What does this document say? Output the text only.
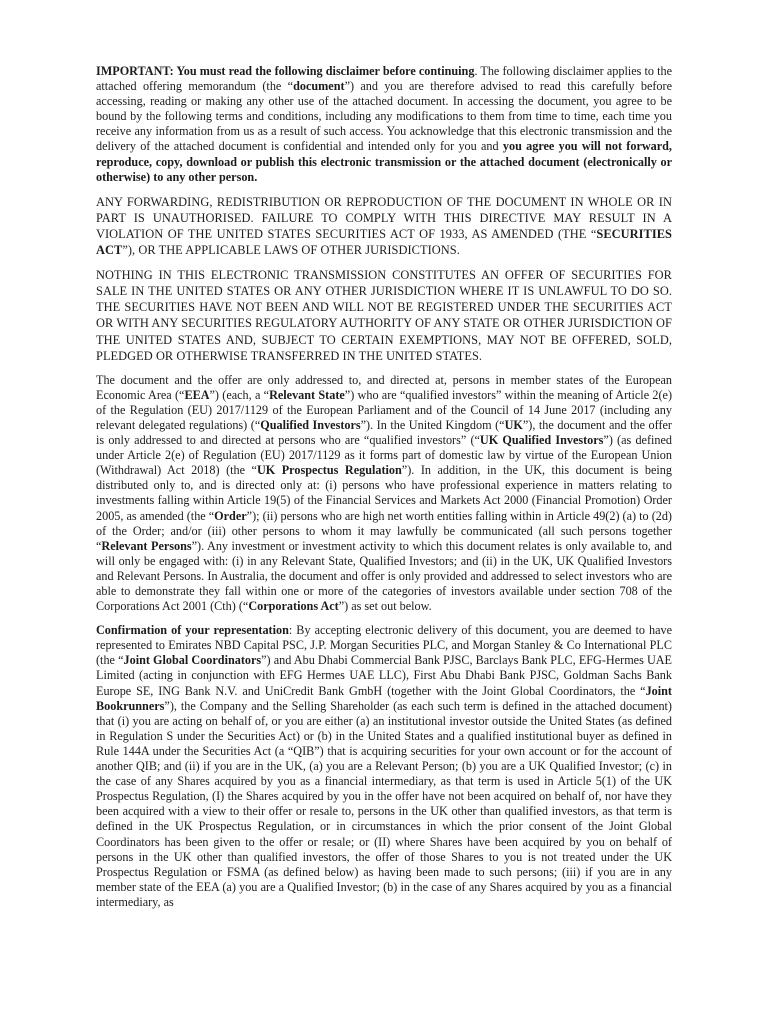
IMPORTANT: You must read the following disclaimer before continuing. The following disclaimer applies to the attached offering memorandum (the “document”) and you are therefore advised to read this carefully before accessing, reading or making any other use of the attached document. In accessing the document, you agree to be bound by the following terms and conditions, including any modifications to them from time to time, each time you receive any information from us as a result of such access. You acknowledge that this electronic transmission and the delivery of the attached document is confidential and intended only for you and you agree you will not forward, reproduce, copy, download or publish this electronic transmission or the attached document (electronically or otherwise) to any other person.

ANY FORWARDING, REDISTRIBUTION OR REPRODUCTION OF THE DOCUMENT IN WHOLE OR IN PART IS UNAUTHORISED. FAILURE TO COMPLY WITH THIS DIRECTIVE MAY RESULT IN A VIOLATION OF THE UNITED STATES SECURITIES ACT OF 1933, AS AMENDED (THE “SECURITIES ACT”), OR THE APPLICABLE LAWS OF OTHER JURISDICTIONS.

NOTHING IN THIS ELECTRONIC TRANSMISSION CONSTITUTES AN OFFER OF SECURITIES FOR SALE IN THE UNITED STATES OR ANY OTHER JURISDICTION WHERE IT IS UNLAWFUL TO DO SO. THE SECURITIES HAVE NOT BEEN AND WILL NOT BE REGISTERED UNDER THE SECURITIES ACT OR WITH ANY SECURITIES REGULATORY AUTHORITY OF ANY STATE OR OTHER JURISDICTION OF THE UNITED STATES AND, SUBJECT TO CERTAIN EXEMPTIONS, MAY NOT BE OFFERED, SOLD, PLEDGED OR OTHERWISE TRANSFERRED IN THE UNITED STATES.

The document and the offer are only addressed to, and directed at, persons in member states of the European Economic Area (“EEA”) (each, a “Relevant State”) who are “qualified investors” within the meaning of Article 2(e) of the Regulation (EU) 2017/1129 of the European Parliament and of the Council of 14 June 2017 (including any relevant delegated regulations) (“Qualified Investors”). In the United Kingdom (“UK”), the document and the offer is only addressed to and directed at persons who are “qualified investors” (“UK Qualified Investors”) (as defined under Article 2(e) of Regulation (EU) 2017/1129 as it forms part of domestic law by virtue of the European Union (Withdrawal) Act 2018) (the “UK Prospectus Regulation”). In addition, in the UK, this document is being distributed only to, and is directed only at: (i) persons who have professional experience in matters relating to investments falling within Article 19(5) of the Financial Services and Markets Act 2000 (Financial Promotion) Order 2005, as amended (the “Order”); (ii) persons who are high net worth entities falling within in Article 49(2) (a) to (2d) of the Order; and/or (iii) other persons to whom it may lawfully be communicated (all such persons together “Relevant Persons”). Any investment or investment activity to which this document relates is only available to, and will only be engaged with: (i) in any Relevant State, Qualified Investors; and (ii) in the UK, UK Qualified Investors and Relevant Persons. In Australia, the document and offer is only provided and addressed to select investors who are able to demonstrate they fall within one or more of the categories of investors available under section 708 of the Corporations Act 2001 (Cth) (“Corporations Act”) as set out below.

Confirmation of your representation: By accepting electronic delivery of this document, you are deemed to have represented to Emirates NBD Capital PSC, J.P. Morgan Securities PLC, and Morgan Stanley & Co International PLC (the “Joint Global Coordinators”) and Abu Dhabi Commercial Bank PJSC, Barclays Bank PLC, EFG-Hermes UAE Limited (acting in conjunction with EFG Hermes UAE LLC), First Abu Dhabi Bank PJSC, Goldman Sachs Bank Europe SE, ING Bank N.V. and UniCredit Bank GmbH (together with the Joint Global Coordinators, the “Joint Bookrunners”), the Company and the Selling Shareholder (as each such term is defined in the attached document) that (i) you are acting on behalf of, or you are either (a) an institutional investor outside the United States (as defined in Regulation S under the Securities Act) or (b) in the United States and a qualified institutional buyer as defined in Rule 144A under the Securities Act (a “QIB”) that is acquiring securities for your own account or for the account of another QIB; and (ii) if you are in the UK, (a) you are a Relevant Person; (b) you are a UK Qualified Investor; (c) in the case of any Shares acquired by you as a financial intermediary, as that term is used in Article 5(1) of the UK Prospectus Regulation, (I) the Shares acquired by you in the offer have not been acquired on behalf of, nor have they been acquired with a view to their offer or resale to, persons in the UK other than qualified investors, as that term is defined in the UK Prospectus Regulation, or in circumstances in which the prior consent of the Joint Global Coordinators has been given to the offer or resale; or (II) where Shares have been acquired by you on behalf of persons in the UK other than qualified investors, the offer of those Shares to you is not treated under the UK Prospectus Regulation or FSMA (as defined below) as having been made to such persons; (iii) if you are in any member state of the EEA (a) you are a Qualified Investor; (b) in the case of any Shares acquired by you as a financial intermediary, as
